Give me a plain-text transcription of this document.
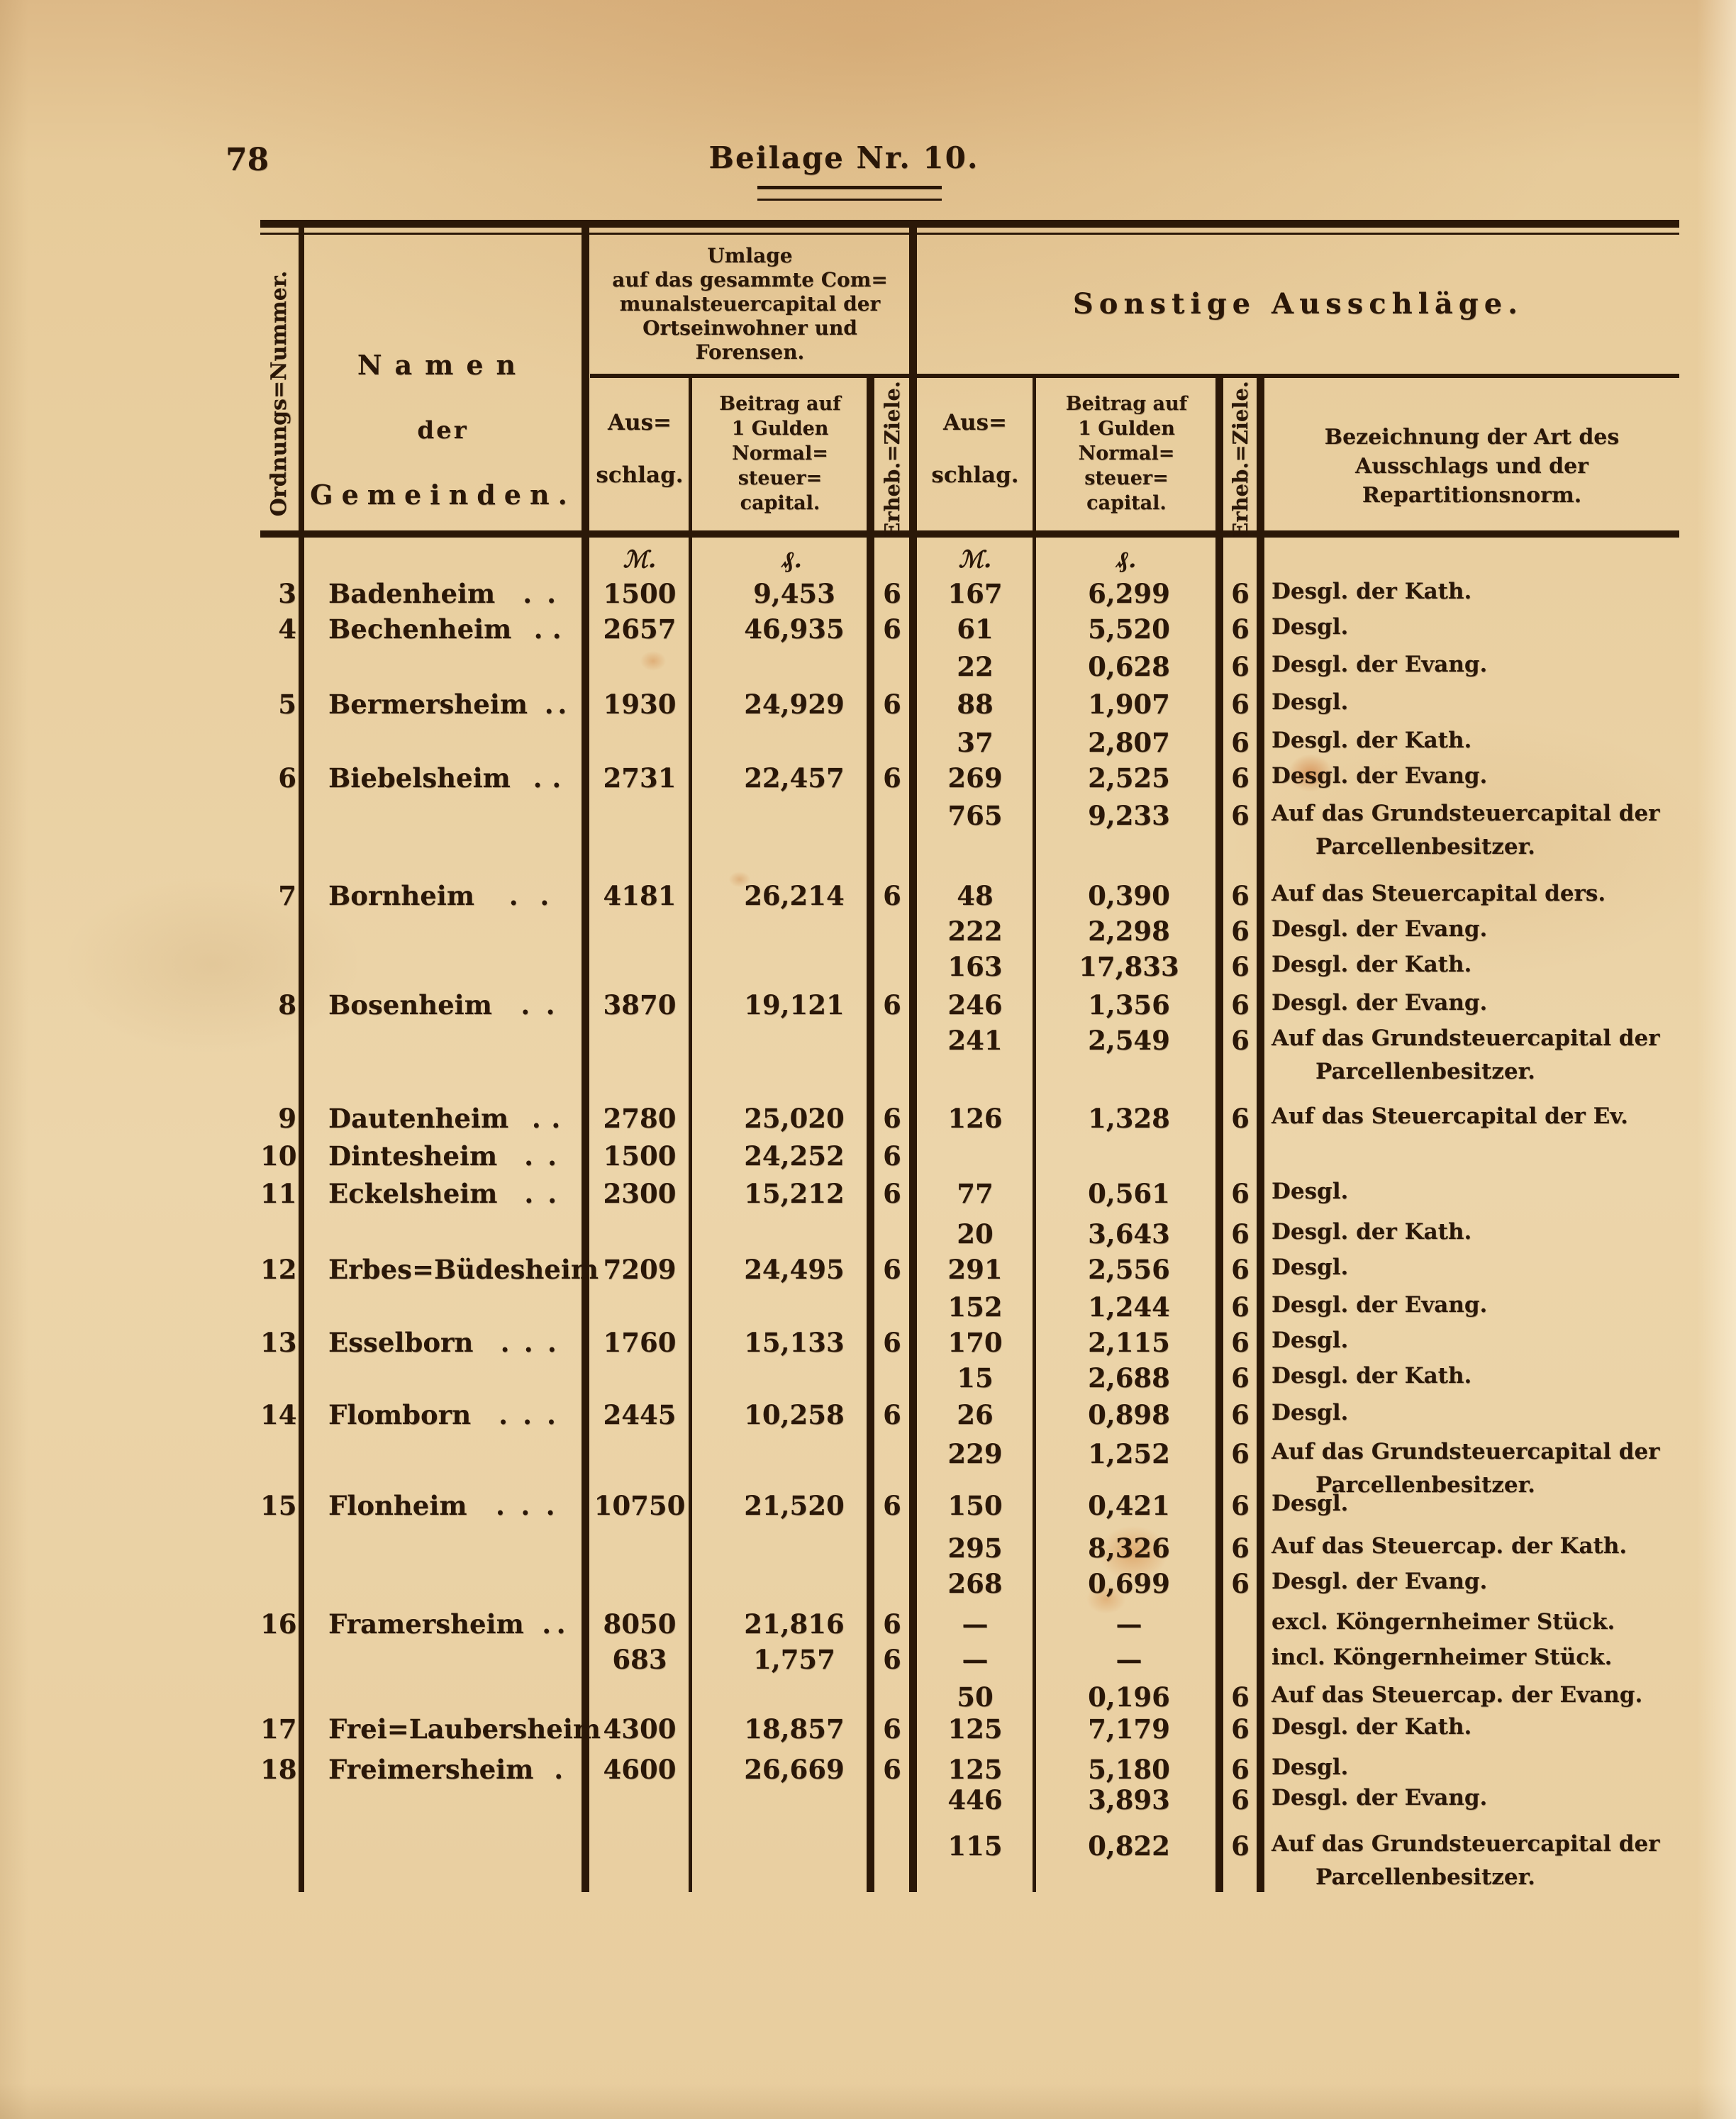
78	Beilage Nr. 10.
Ordnungs=Nummer.	Erheb.=Ziele.	Erheb.=Ziele.
Namen
der
Gemeinden.
Umlage
auf das gesammte Com=
munalsteuercapital der
Ortseinwohner und
Forensen.
Sonstige Ausschläge.
Aus=
schlag.
Beitrag auf
1 Gulden
Normal=
steuer=
capital.
Aus=
schlag.
Beitrag auf
1 Gulden
Normal=
steuer=
capital.
Bezeichnung der Art des
Ausschlags und der
Repartitionsnorm.
ℳ.	₰.	ℳ.	₰.
3 Badenheim . .	1500	9,453	6	167	6,299	6	Desgl. der Kath.
4 Bechenheim . .	2657	46,935	6	61	5,520	6	Desgl.
22	0,628	6	Desgl. der Evang.
5 Bermersheim . .	1930	24,929	6	88	1,907	6	Desgl.
37	2,807	6	Desgl. der Kath.
6 Biebelsheim . .	2731	22,457	6	269	2,525	6	Desgl. der Evang.
765	9,233	6	Auf das Grundsteuercapital der
Parcellenbesitzer.
7 Bornheim . .	4181	26,214	6	48	0,390	6	Auf das Steuercapital ders.
222	2,298	6	Desgl. der Evang.
163	17,833	6	Desgl. der Kath.
8 Bosenheim . .	3870	19,121	6	246	1,356	6	Desgl. der Evang.
241	2,549	6	Auf das Grundsteuercapital der
Parcellenbesitzer.
9 Dautenheim . .	2780	25,020	6	126	1,328	6	Auf das Steuercapital der Ev.
10 Dintesheim . .	1500	24,252	6
11 Eckelsheim . .	2300	15,212	6	77	0,561	6	Desgl.
20	3,643	6	Desgl. der Kath.
12 Erbes=Büdesheim 7209	24,495	6	291	2,556	6	Desgl.
152	1,244	6	Desgl. der Evang.
13 Esselborn . . .	1760	15,133	6	170	2,115	6	Desgl.
15	2,688	6	Desgl. der Kath.
14 Flomborn . . .	2445	10,258	6	26	0,898	6	Desgl.
229	1,252	6	Auf das Grundsteuercapital der
Parcellenbesitzer.
15 Flonheim . . . 10750	21,520	6	150	0,421	6	Desgl.
295	8,326	6	Auf das Steuercap. der Kath.
268	0,699	6	Desgl. der Evang.
16 Framersheim . .	8050	21,816	6	—	—	excl. Köngernheimer Stück.
683	1,757	6	—	—	incl. Köngernheimer Stück.
50	0,196	6	Auf das Steuercap. der Evang.
17 Frei=Laubersheim 4300	18,857	6	125	7,179	6	Desgl. der Kath.
18 Freimersheim .	4600	26,669	6	125	5,180	6	Desgl.
446	3,893	6	Desgl. der Evang.
115	0,822	6	Auf das Grundsteuercapital der
Parcellenbesitzer.
